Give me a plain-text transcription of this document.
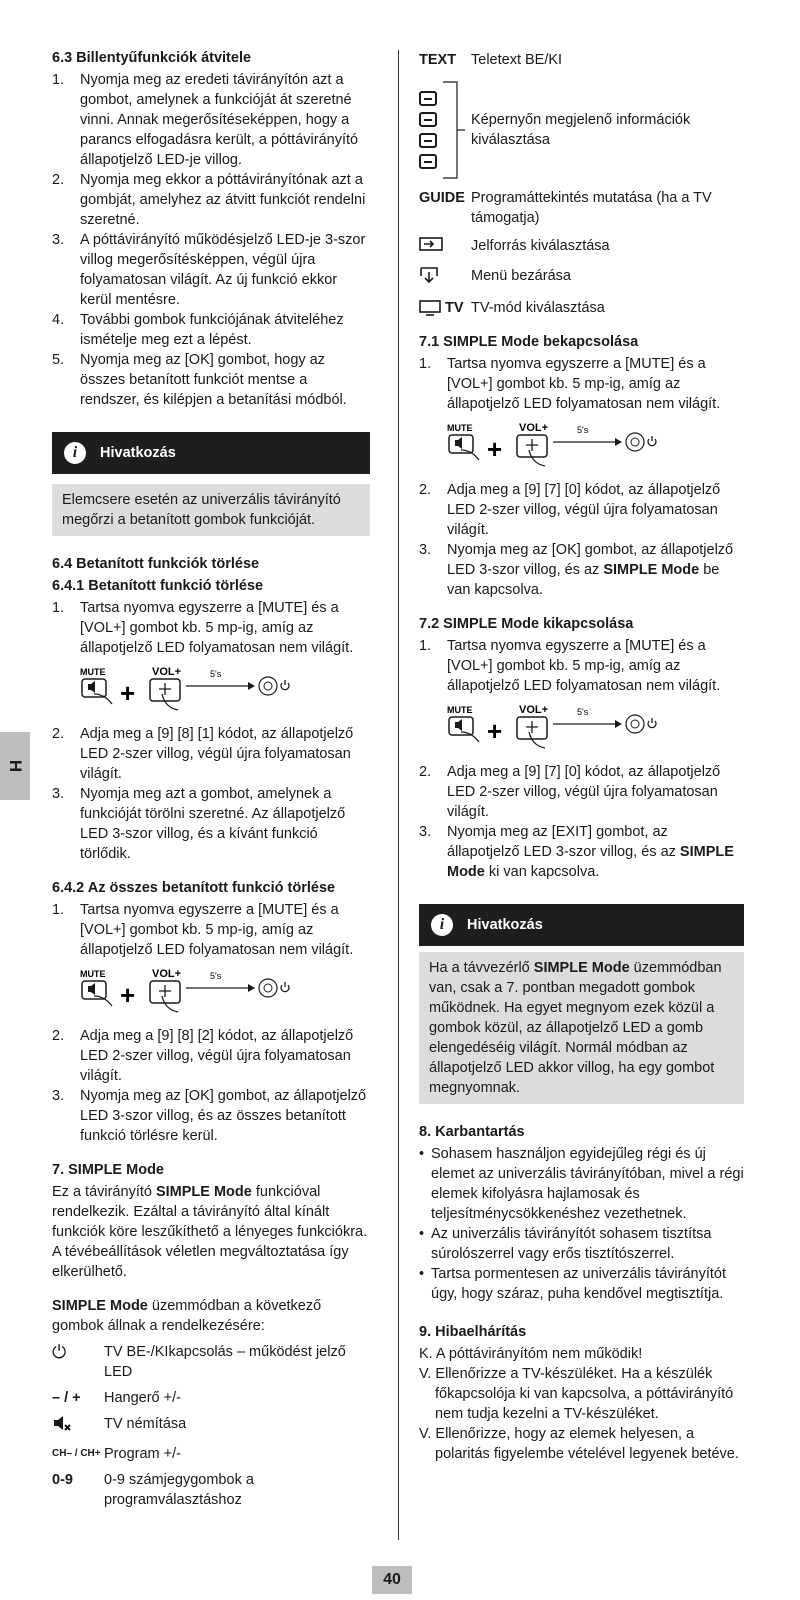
H
6.3 Billentyűfunkciók átvitele
1. Nyomja meg az eredeti távirányítón azt a gombot, amelynek a funkcióját át szeretné vinni. Annak megerősítéseképpen, hogy a parancs elfogadásra került, a póttávirányító állapotjelző LED-je villog.
2. Nyomja meg ekkor a póttávirányítónak azt a gombját, amelyhez az átvitt funkciót rendelni szeretné.
3. A póttávirányító működésjelző LED-je 3-szor villog megerősítésképpen, végül újra folyamatosan világít. Az új funkció ekkor kerül mentésre.
4. További gombok funkciójának átviteléhez ismételje meg ezt a lépést.
5. Nyomja meg az [OK] gombot, hogy az összes betanított funkciót mentse a rendszer, és kilépjen a betanítási módból.
i	Hivatkozás
Elemcsere esetén az univerzális távirányító megőrzi a betanított gombok funkcióját.
6.4 Betanított funkciók törlése
6.4.1 Betanított funkció törlése
1. Tartsa nyomva egyszerre a [MUTE] és a [VOL+] gombot kb. 5 mp-ig, amíg az állapotjelző LED folyamatosan nem világít.
MUTE
+
VOL+	5's
2. Adja meg a [9] [8] [1] kódot, az állapotjelző LED 2-szer villog, végül újra folyamatosan világít.
3. Nyomja meg azt a gombot, amelynek a funkcióját törölni szeretné. Az állapotjelző LED 3-szor villog, és a kívánt funkció törlődik.
6.4.2 Az összes betanított funkció törlése
1. Tartsa nyomva egyszerre a [MUTE] és a [VOL+] gombot kb. 5 mp-ig, amíg az állapotjelző LED folyamatosan nem világít.
MUTE
+
VOL+	5's
2. Adja meg a [9] [8] [2] kódot, az állapotjelző LED 2-szer villog, végül újra folyamatosan világít.
3. Nyomja meg az [OK] gombot, az állapotjelző LED 3-szor villog, és az összes betanított funkció törlésre kerül.
7. SIMPLE Mode

Ez a távirányító SIMPLE Mode funkcióval rendelkezik. Ezáltal a távirányító által kínált funkciók köre leszűkíthető a lényeges funkciókra.

A tévébeállítások véletlen megváltoztatása így elkerülhető.

SIMPLE Mode üzemmódban a következő gombok állnak a rendelkezésére:

⏻	TV BE-/KIkapcsolás – működést jelző LED
– / +	Hangerő +/-
TV némítása
CH– / CH+ Program +/-
0-9	0-9 számjegygombok a programválasztáshoz
TEXT	Teletext BE/KI
Képernyőn megjelenő információk kiválasztása
GUIDE Programáttekintés mutatása (ha a TV támogatja)
Jelforrás kiválasztása
Menü bezárása
TV TV-mód kiválasztása
7.1 SIMPLE Mode bekapcsolása
1. Tartsa nyomva egyszerre a [MUTE] és a [VOL+] gombot kb. 5 mp-ig, amíg az állapotjelző LED folyamatosan nem világít.
MUTE
+
VOL+	5's
2. Adja meg a [9] [7] [0] kódot, az állapotjelző LED 2-szer villog, végül újra folyamatosan világít.
3. Nyomja meg az [OK] gombot, az állapotjelző LED 3-szor villog, és az SIMPLE Mode be van kapcsolva.
7.2 SIMPLE Mode kikapcsolása
1. Tartsa nyomva egyszerre a [MUTE] és a [VOL+] gombot kb. 5 mp-ig, amíg az állapotjelző LED folyamatosan nem világít.
MUTE
+
VOL+	5's
2. Adja meg a [9] [7] [0] kódot, az állapotjelző LED 2-szer villog, végül újra folyamatosan világít.
3. Nyomja meg az [EXIT] gombot, az állapotjelző LED 3-szor villog, és az SIMPLE Mode ki van kapcsolva.
i	Hivatkozás
Ha a távvezérlő SIMPLE Mode üzemmódban van, csak a 7. pontban megadott gombok működnek. Ha egyet megnyom ezek közül a gombok közül, az állapotjelző LED a gomb elengedéséig világít. Normál módban az állapotjelző LED akkor villog, ha egy gombot megnyomnak.
8. Karbantartás
• Sohasem használjon egyidejűleg régi és új elemet az univerzális távirányítóban, mivel a régi elemek kifolyásra hajlamosak és teljesítménycsökkenéshez vezethetnek.
• Az univerzális távirányítót sohasem tisztítsa súrolószerrel vagy erős tisztítószerrel.
• Tartsa pormentesen az univerzális távirányítót úgy, hogy száraz, puha kendővel megtisztítja.
9. Hibaelhárítás

K. A póttávirányítóm nem működik!

V. Ellenőrizze a TV-készüléket. Ha a készülék főkapcsolója ki van kapcsolva, a póttávirányító nem tudja kezelni a TV-készüléket.

V. Ellenőrizze, hogy az elemek helyesen, a polaritás figyelembe vételével legyenek betéve.

40
